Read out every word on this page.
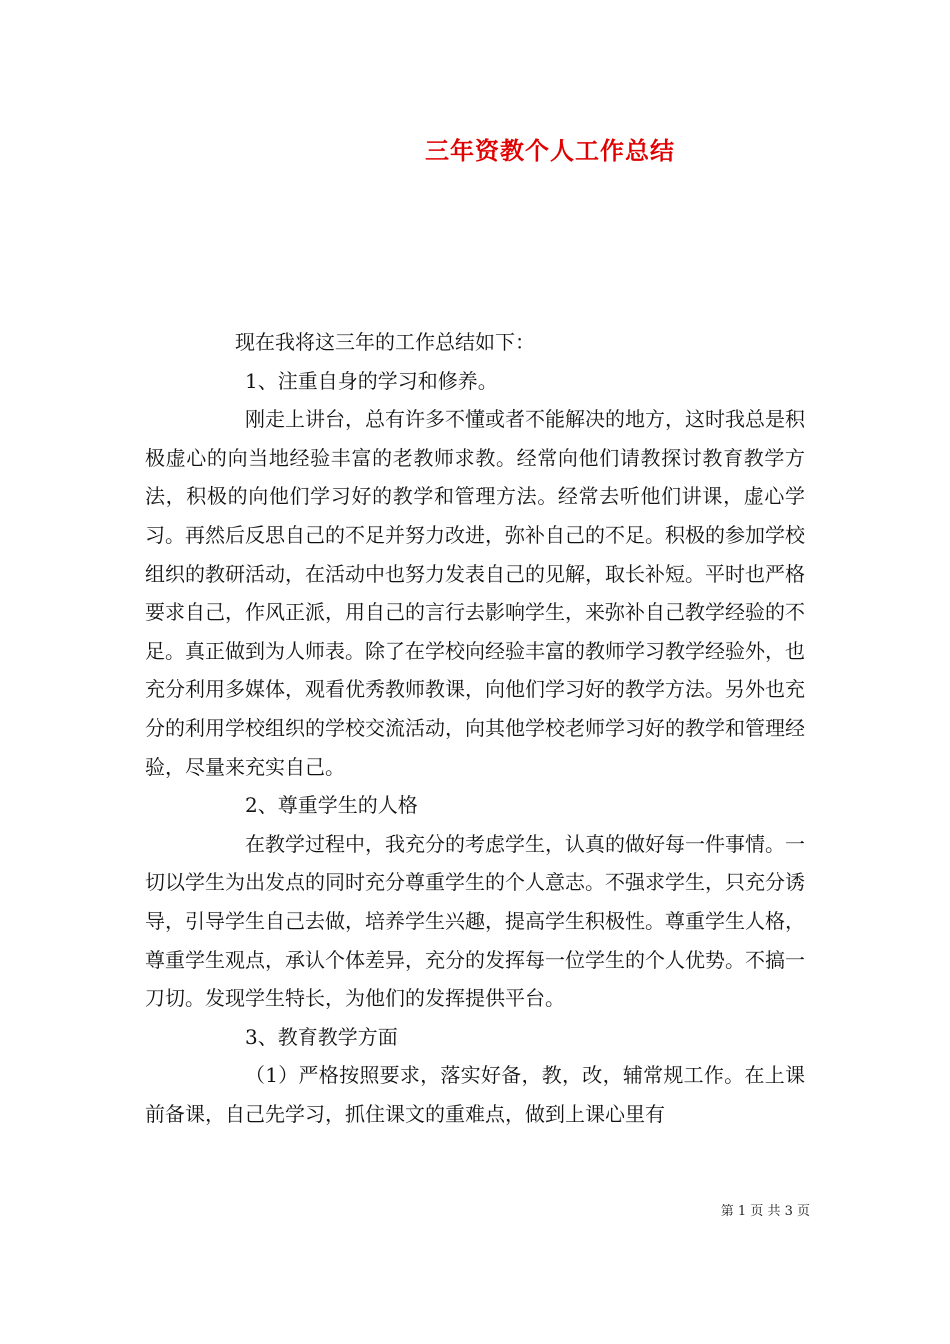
三年资教个人工作总结

现在我将这三年的工作总结如下：

1、注重自身的学习和修养。

刚走上讲台，总有许多不懂或者不能解决的地方，这时我总是积极虚心的向当地经验丰富的老教师求教。经常向他们请教探讨教育教学方法，积极的向他们学习好的教学和管理方法。经常去听他们讲课，虚心学习。再然后反思自己的不足并努力改进，弥补自己的不足。积极的参加学校组织的教研活动，在活动中也努力发表自己的见解，取长补短。平时也严格要求自己，作风正派，用自己的言行去影响学生，来弥补自己教学经验的不足。真正做到为人师表。除了在学校向经验丰富的教师学习教学经验外，也充分利用多媒体，观看优秀教师教课，向他们学习好的教学方法。另外也充分的利用学校组织的学校交流活动，向其他学校老师学习好的教学和管理经验，尽量来充实自己。

2、尊重学生的人格

在教学过程中，我充分的考虑学生，认真的做好每一件事情。一切以学生为出发点的同时充分尊重学生的个人意志。不强求学生，只充分诱导，引导学生自己去做，培养学生兴趣，提高学生积极性。尊重学生人格，尊重学生观点，承认个体差异，充分的发挥每一位学生的个人优势。不搞一刀切。发现学生特长，为他们的发挥提供平台。

3、教育教学方面

（1）严格按照要求，落实好备，教，改，辅常规工作。在上课前备课，自己先学习，抓住课文的重难点，做到上课心里有

第 1 页 共 3 页
